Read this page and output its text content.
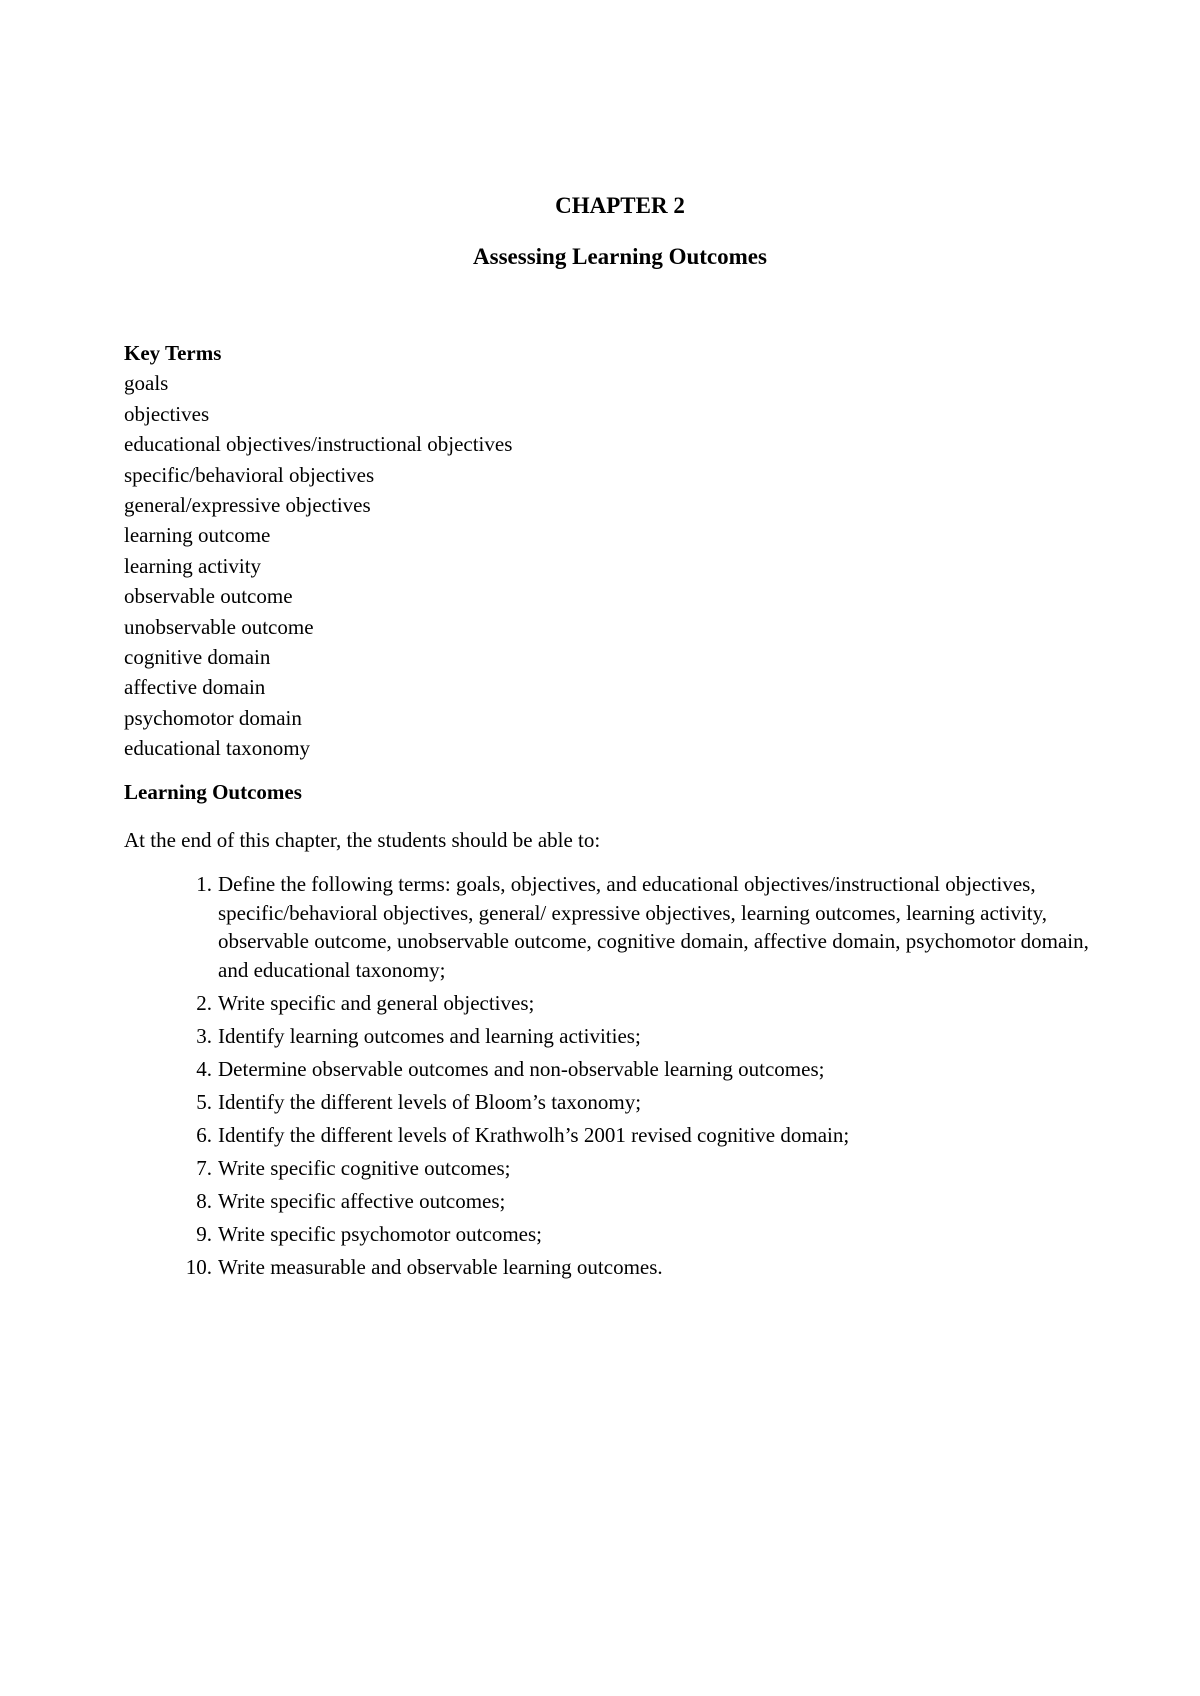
CHAPTER 2
Assessing Learning Outcomes
Key Terms
goals
objectives
educational objectives/instructional objectives
specific/behavioral objectives
general/expressive objectives
learning outcome
learning activity
observable outcome
unobservable outcome
cognitive domain
affective domain
psychomotor domain
educational taxonomy
Learning Outcomes

At the end of this chapter, the students should be able to:

1. Define the following terms: goals, objectives, and educational objectives/instructional objectives, specific/behavioral objectives, general/ expressive objectives, learning outcomes, learning activity, observable outcome, unobservable outcome, cognitive domain, affective domain, psychomotor domain, and educational taxonomy;
2. Write specific and general objectives;
3. Identify learning outcomes and learning activities;
4. Determine observable outcomes and non-observable learning outcomes;
5. Identify the different levels of Bloom’s taxonomy;
6. Identify the different levels of Krathwolh’s 2001 revised cognitive domain;
7. Write specific cognitive outcomes;
8. Write specific affective outcomes;
9. Write specific psychomotor outcomes;
10. Write measurable and observable learning outcomes.
